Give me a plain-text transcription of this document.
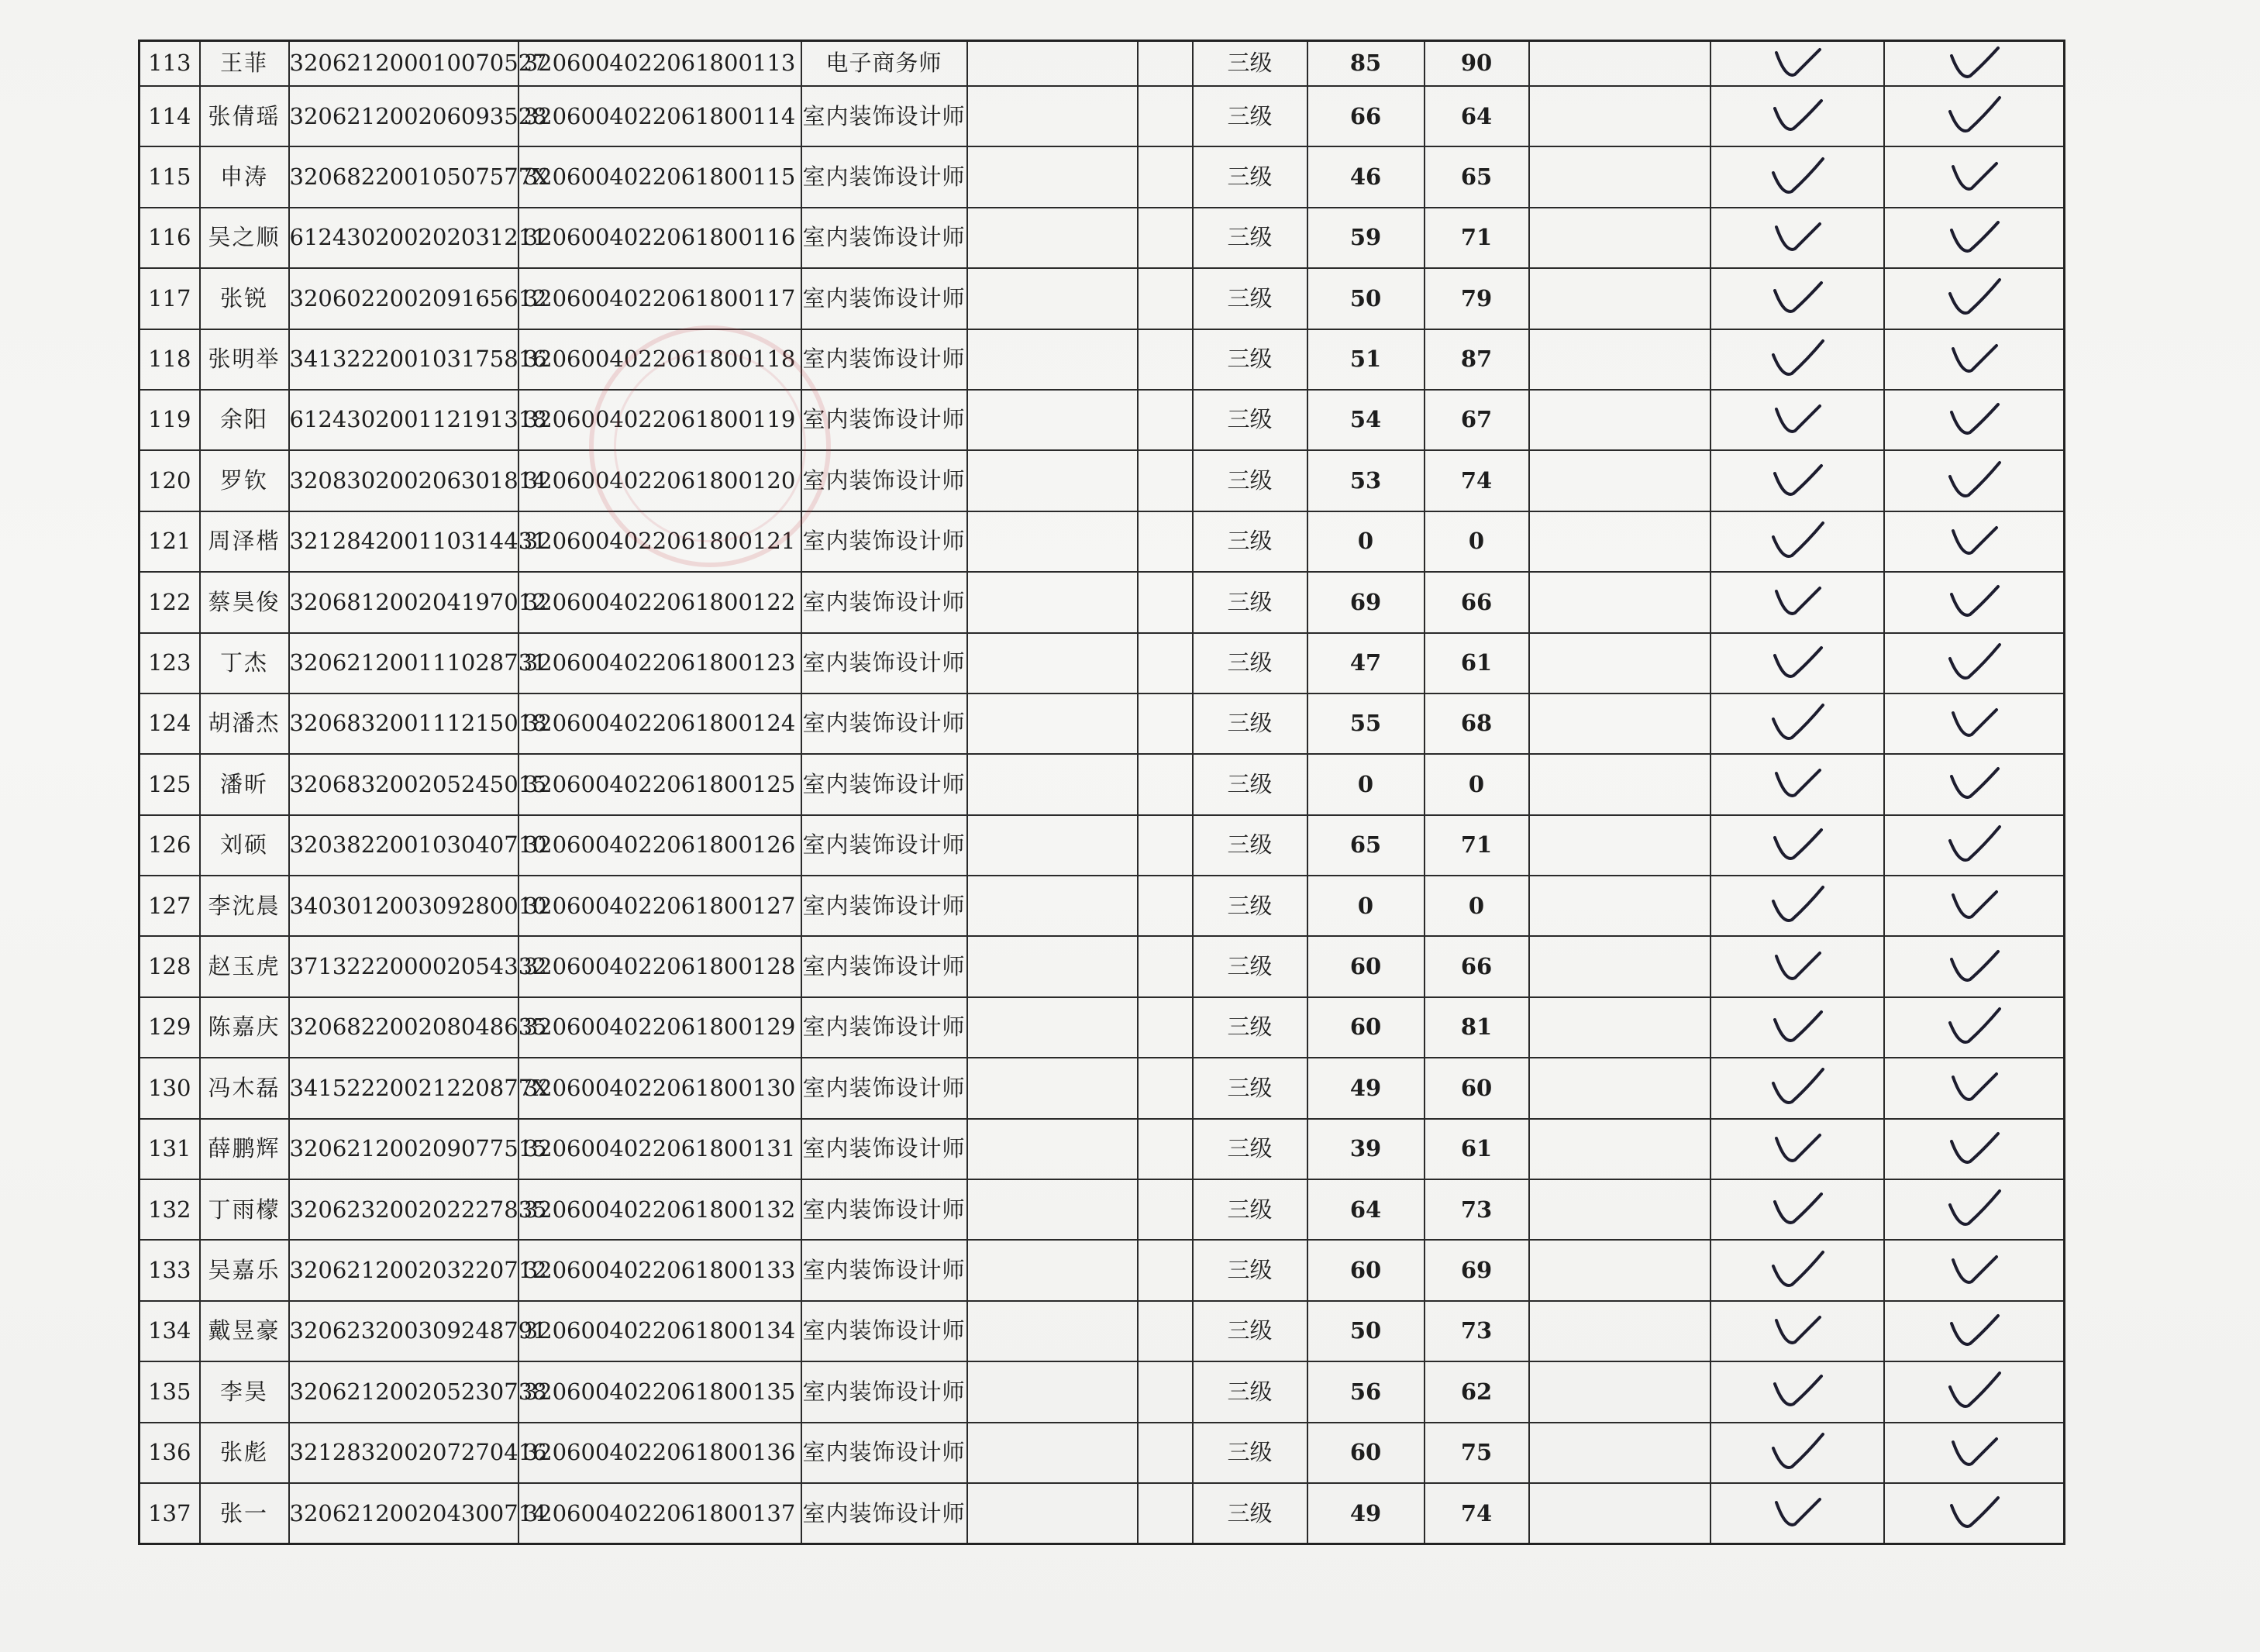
113	王菲	320621200010070527	3206004022061800113	电子商务师			三级	85	90			
114	张倩瑶	320621200206093528	3206004022061800114	室内装饰设计师			三级	66	64			
115	申涛	32068220010507577X	3206004022061800115	室内装饰设计师			三级	46	65			
116	吴之顺	612430200202031211	3206004022061800116	室内装饰设计师			三级	59	71			
117	张锐	320602200209165612	3206004022061800117	室内装饰设计师			三级	50	79			
118	张明举	341322200103175816	3206004022061800118	室内装饰设计师			三级	51	87			
119	余阳	612430200112191318	3206004022061800119	室内装饰设计师			三级	54	67			
120	罗钦	320830200206301814	3206004022061800120	室内装饰设计师			三级	53	74			
121	周泽楷	321284200110314431	3206004022061800121	室内装饰设计师			三级	0	0			
122	蔡昊俊	320681200204197012	3206004022061800122	室内装饰设计师			三级	69	66			
123	丁杰	320621200111028731	3206004022061800123	室内装饰设计师			三级	47	61			
124	胡潘杰	320683200111215018	3206004022061800124	室内装饰设计师			三级	55	68			
125	潘昕	320683200205245015	3206004022061800125	室内装饰设计师			三级	0	0			
126	刘硕	320382200103040710	3206004022061800126	室内装饰设计师			三级	65	71			
127	李沈晨	340301200309280010	3206004022061800127	室内装饰设计师			三级	0	0			
128	赵玉虎	371322200002054332	3206004022061800128	室内装饰设计师			三级	60	66			
129	陈嘉庆	320682200208048635	3206004022061800129	室内装饰设计师			三级	60	81			
130	冯木磊	34152220021220877X	3206004022061800130	室内装饰设计师			三级	49	60			
131	薛鹏辉	320621200209077515	3206004022061800131	室内装饰设计师			三级	39	61			
132	丁雨檬	320623200202227835	3206004022061800132	室内装饰设计师			三级	64	73			
133	吴嘉乐	320621200203220712	3206004022061800133	室内装饰设计师			三级	60	69			
134	戴昱豪	320623200309248791	3206004022061800134	室内装饰设计师			三级	50	73			
135	李昊	320621200205230738	3206004022061800135	室内装饰设计师			三级	56	62			
136	张彪	321283200207270416	3206004022061800136	室内装饰设计师			三级	60	75			
137	张一	320621200204300714	3206004022061800137	室内装饰设计师			三级	49	74			
